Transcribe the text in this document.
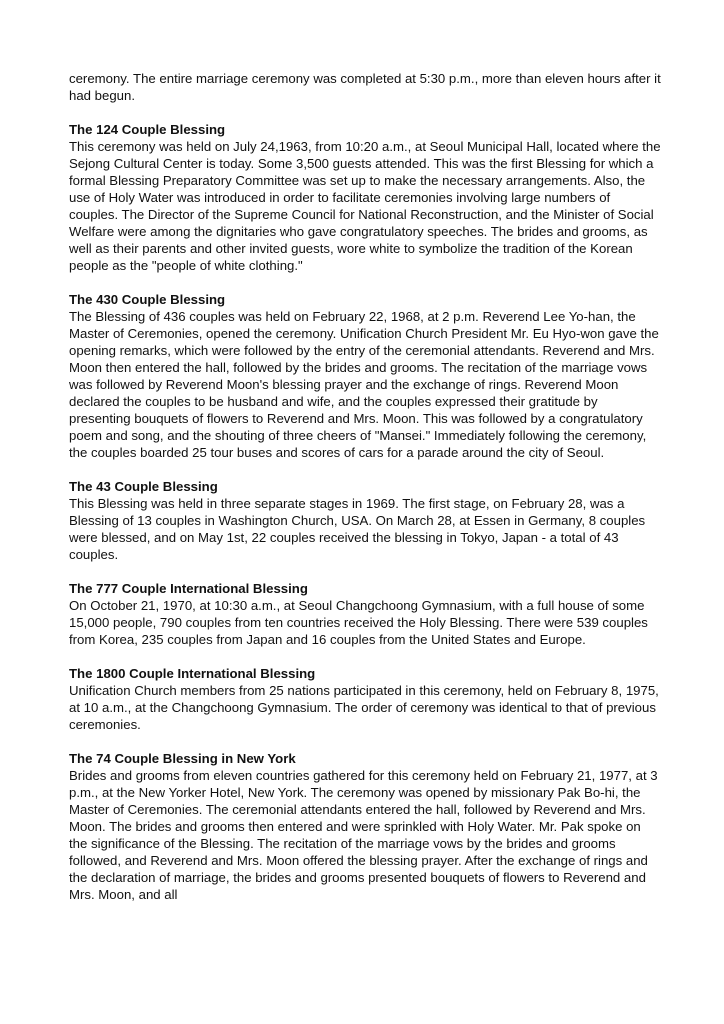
ceremony. The entire marriage ceremony was completed at 5:30 p.m., more than eleven hours after it had begun.

The 124 Couple Blessing

This ceremony was held on July 24,1963, from 10:20 a.m., at Seoul Municipal Hall, located where the Sejong Cultural Center is today. Some 3,500 guests attended. This was the first Blessing for which a formal Blessing Preparatory Committee was set up to make the necessary arrangements. Also, the use of Holy Water was introduced in order to facilitate ceremonies involving large numbers of couples. The Director of the Supreme Council for National Reconstruction, and the Minister of Social Welfare were among the dignitaries who gave congratulatory speeches. The brides and grooms, as well as their parents and other invited guests, wore white to symbolize the tradition of the Korean people as the "people of white clothing."

The 430 Couple Blessing

The Blessing of 436 couples was held on February 22, 1968, at 2 p.m. Reverend Lee Yo-han, the Master of Ceremonies, opened the ceremony. Unification Church President Mr. Eu Hyo-won gave the opening remarks, which were followed by the entry of the ceremonial attendants. Reverend and Mrs. Moon then entered the hall, followed by the brides and grooms. The recitation of the marriage vows was followed by Reverend Moon's blessing prayer and the exchange of rings. Reverend Moon declared the couples to be husband and wife, and the couples expressed their gratitude by presenting bouquets of flowers to Reverend and Mrs. Moon. This was followed by a congratulatory poem and song, and the shouting of three cheers of "Mansei." Immediately following the ceremony, the couples boarded 25 tour buses and scores of cars for a parade around the city of Seoul.

The 43 Couple Blessing

This Blessing was held in three separate stages in 1969. The first stage, on February 28, was a Blessing of 13 couples in Washington Church, USA. On March 28, at Essen in Germany, 8 couples were blessed, and on May 1st, 22 couples received the blessing in Tokyo, Japan - a total of 43 couples.

The 777 Couple International Blessing

On October 21, 1970, at 10:30 a.m., at Seoul Changchoong Gymnasium, with a full house of some 15,000 people, 790 couples from ten countries received the Holy Blessing. There were 539 couples from Korea, 235 couples from Japan and 16 couples from the United States and Europe.

The 1800 Couple International Blessing

Unification Church members from 25 nations participated in this ceremony, held on February 8, 1975, at 10 a.m., at the Changchoong Gymnasium. The order of ceremony was identical to that of previous ceremonies.

The 74 Couple Blessing in New York

Brides and grooms from eleven countries gathered for this ceremony held on February 21, 1977, at 3 p.m., at the New Yorker Hotel, New York. The ceremony was opened by missionary Pak Bo-hi, the Master of Ceremonies. The ceremonial attendants entered the hall, followed by Reverend and Mrs. Moon. The brides and grooms then entered and were sprinkled with Holy Water. Mr. Pak spoke on the significance of the Blessing. The recitation of the marriage vows by the brides and grooms followed, and Reverend and Mrs. Moon offered the blessing prayer. After the exchange of rings and the declaration of marriage, the brides and grooms presented bouquets of flowers to Reverend and Mrs. Moon, and all
